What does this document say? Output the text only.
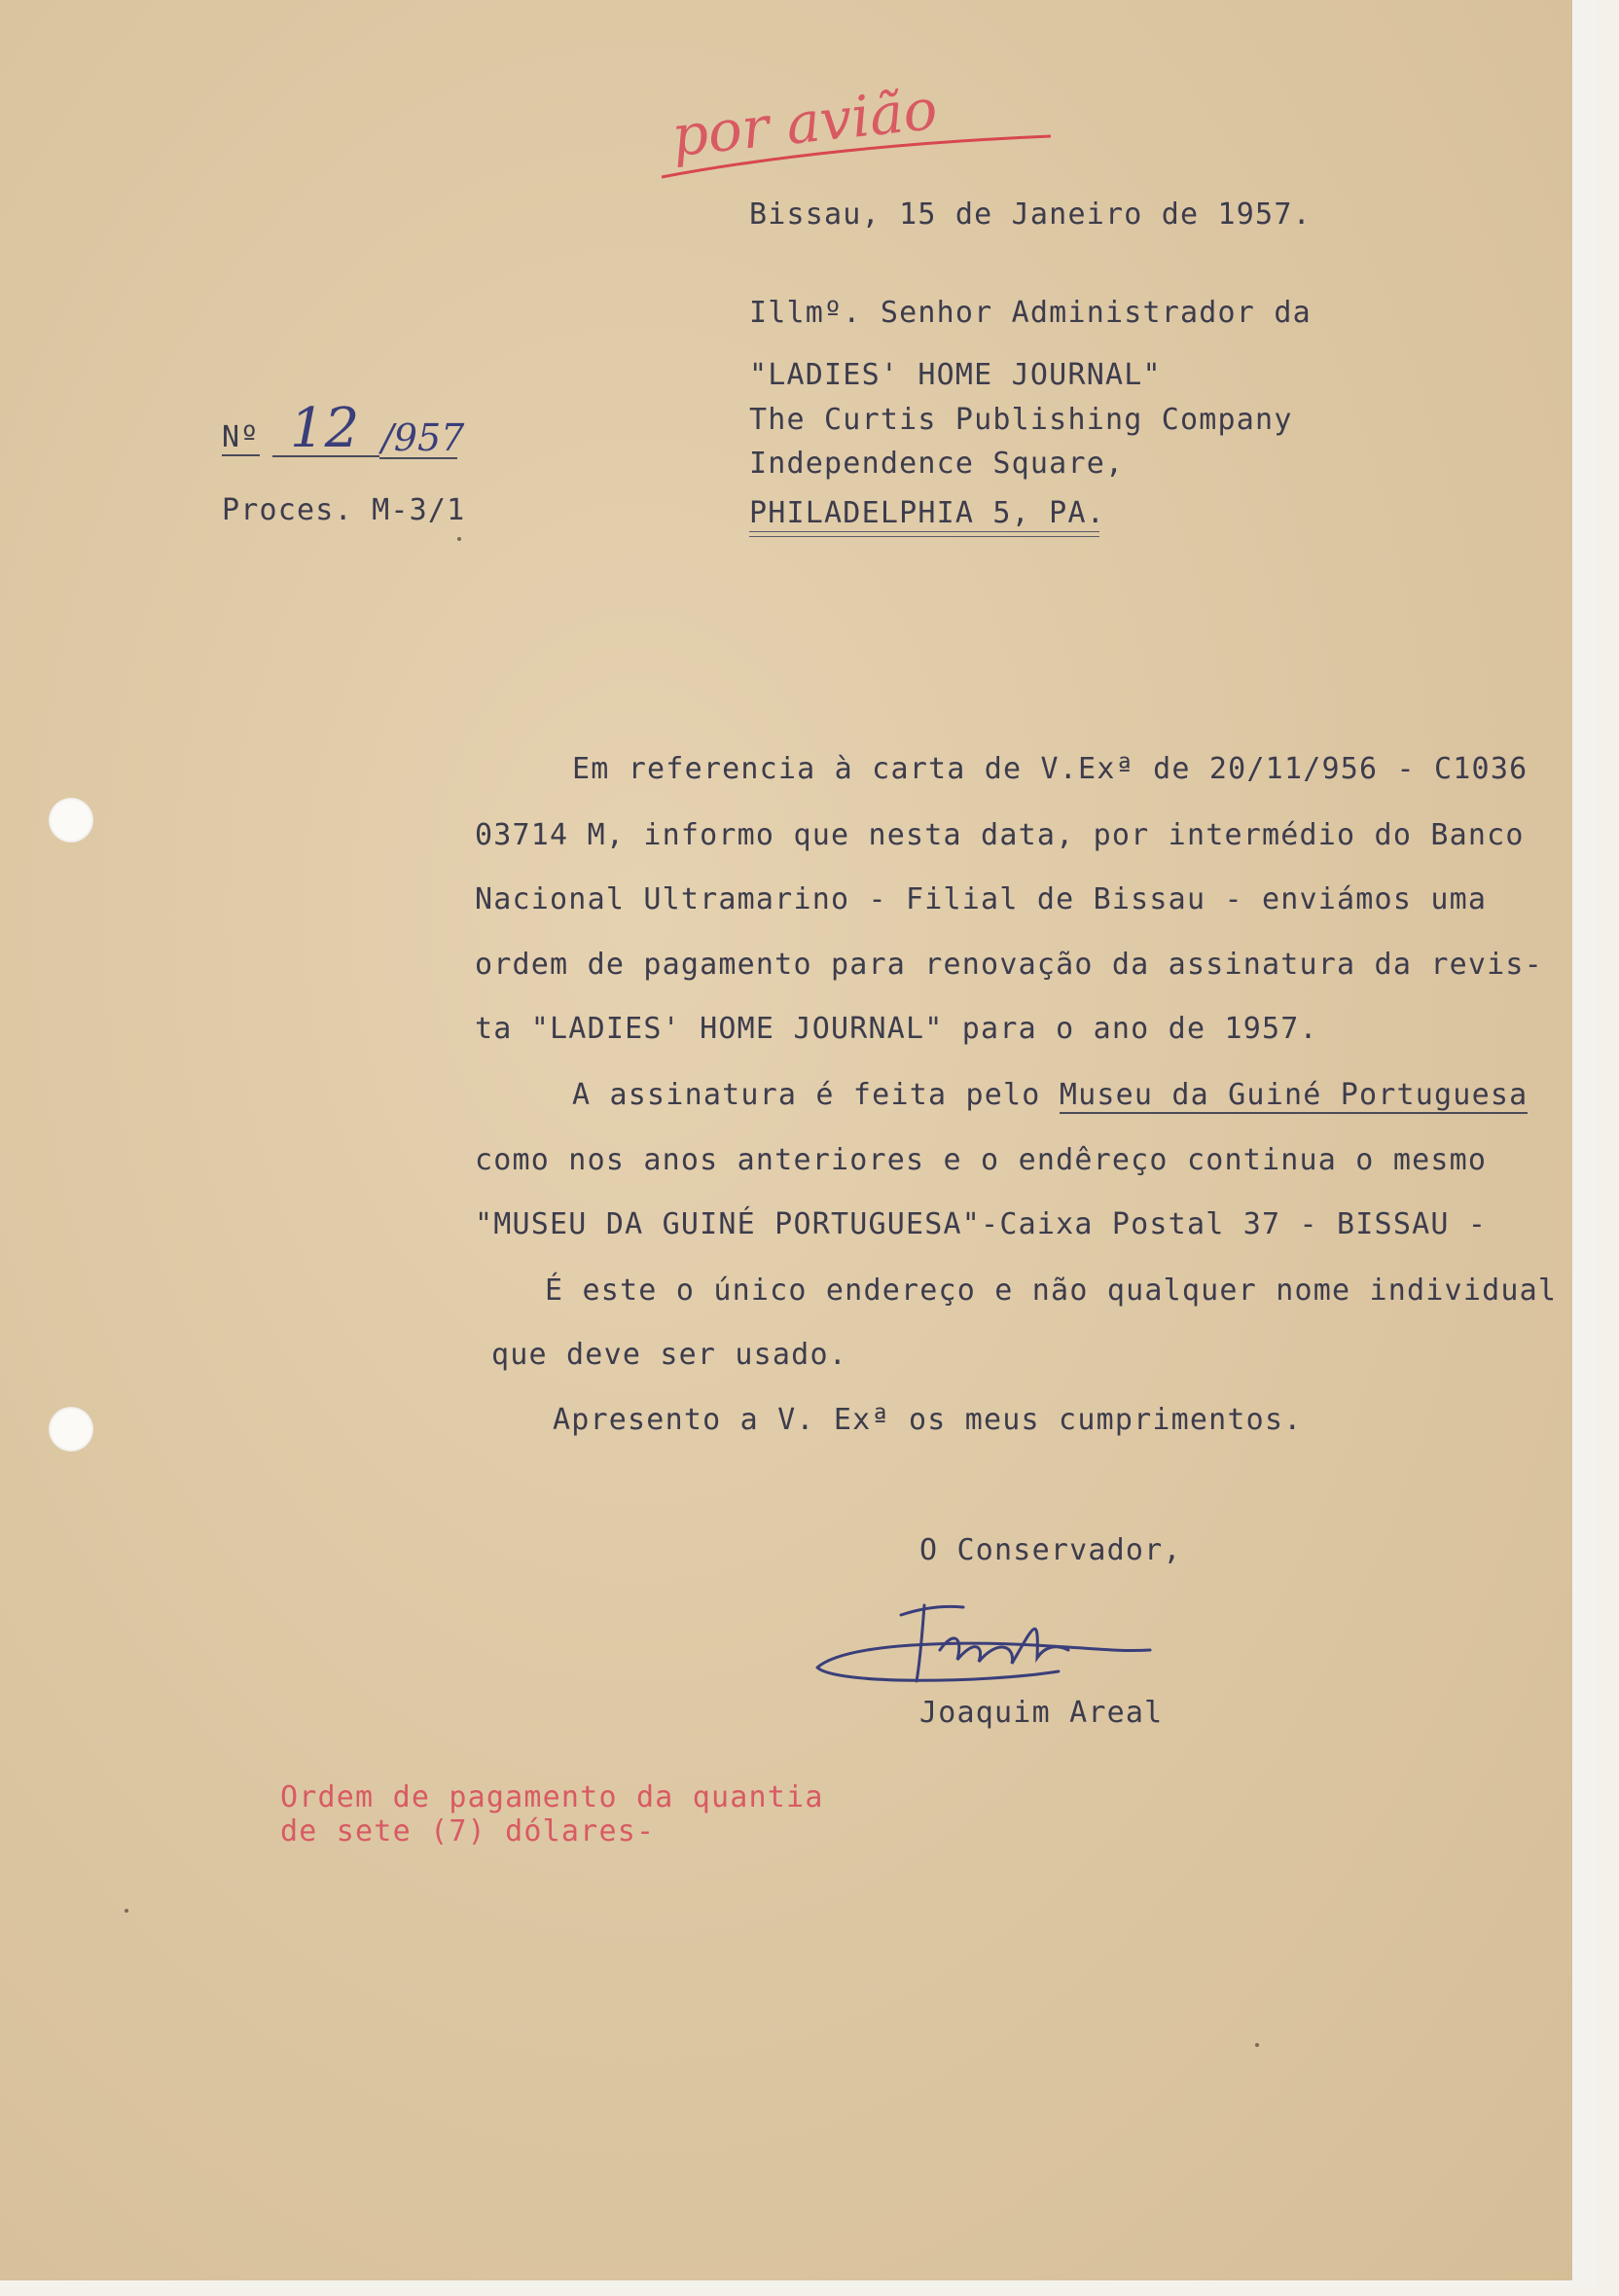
por avião
Bissau, 15 de Janeiro de 1957.
Illmº. Senhor Administrador da
"LADIES' HOME JOURNAL"
The Curtis Publishing Company
Independence Square,
PHILADELPHIA 5, PA.
Nº 12 /957
Proces. M-3/1
Em referencia à carta de V.Exª de 20/11/956 - C1036
03714 M, informo que nesta data, por intermédio do Banco
Nacional Ultramarino - Filial de Bissau - enviámos uma
ordem de pagamento para renovação da assinatura da revis-
ta "LADIES' HOME JOURNAL" para o ano de 1957.
A assinatura é feita pelo Museu da Guiné Portuguesa
como nos anos anteriores e o endêreço continua o mesmo
"MUSEU DA GUINÉ PORTUGUESA"-Caixa Postal 37 - BISSAU -
É este o único endereço e não qualquer nome individual
que deve ser usado.
Apresento a V. Exª os meus cumprimentos.
O Conservador,
Joaquim Areal
Ordem de pagamento da quantia
de sete (7) dólares-
